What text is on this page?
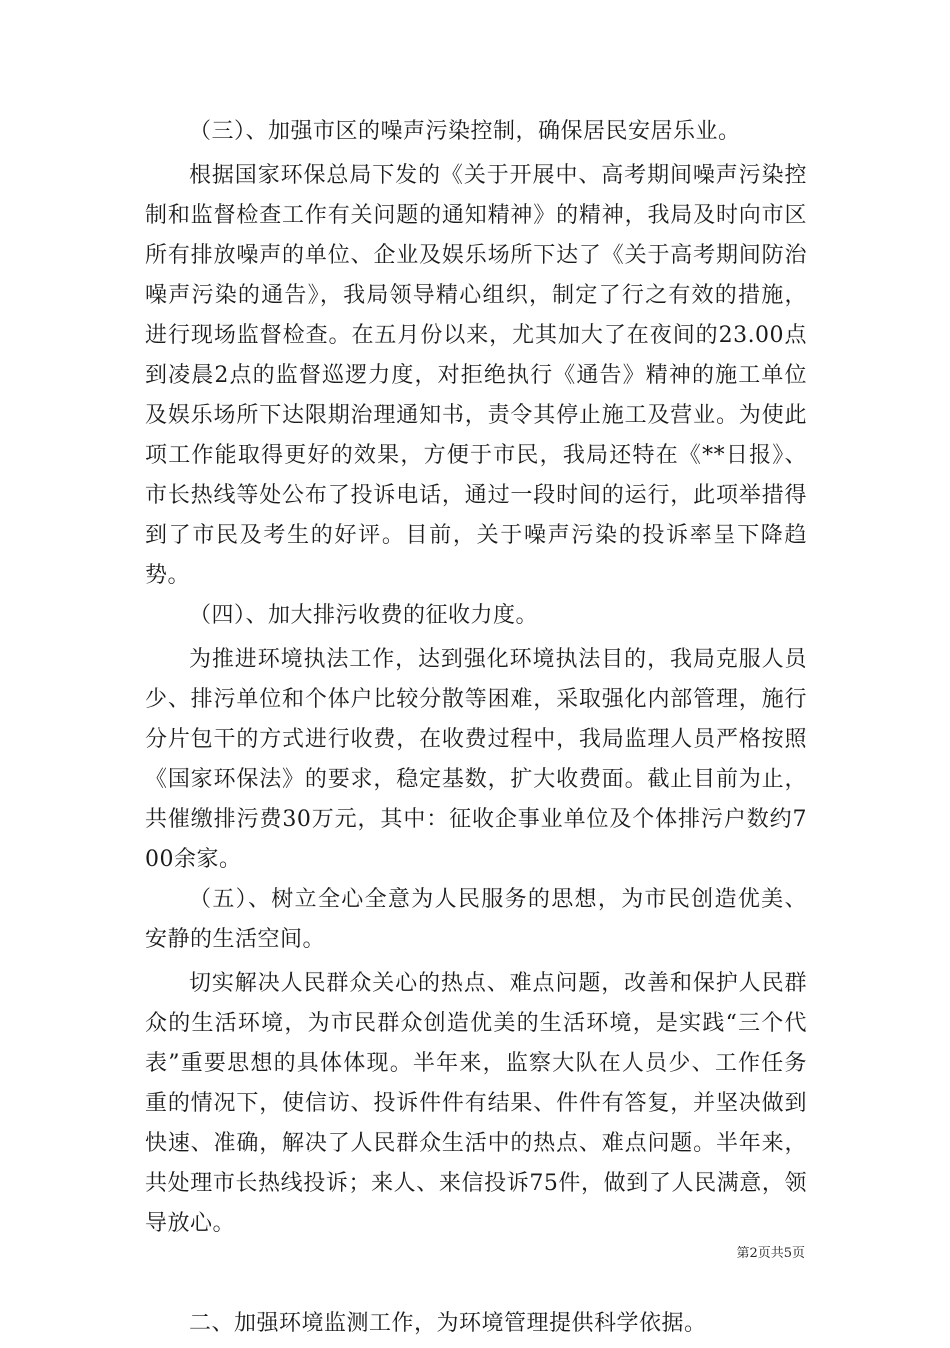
（三）、加强市区的噪声污染控制，确保居民安居乐业。

根据国家环保总局下发的《关于开展中、高考期间噪声污染控制和监督检查工作有关问题的通知精神》的精神，我局及时向市区所有排放噪声的单位、企业及娱乐场所下达了《关于高考期间防治噪声污染的通告》，我局领导精心组织，制定了行之有效的措施，进行现场监督检查。在五月份以来，尤其加大了在夜间的23.00点到凌晨2点的监督巡逻力度，对拒绝执行《通告》精神的施工单位及娱乐场所下达限期治理通知书，责令其停止施工及营业。为使此项工作能取得更好的效果，方便于市民，我局还特在《**日报》、市长热线等处公布了投诉电话，通过一段时间的运行，此项举措得到了市民及考生的好评。目前，关于噪声污染的投诉率呈下降趋势。

（四）、加大排污收费的征收力度。

为推进环境执法工作，达到强化环境执法目的，我局克服人员少、排污单位和个体户比较分散等困难，采取强化内部管理，施行分片包干的方式进行收费，在收费过程中，我局监理人员严格按照《国家环保法》的要求，稳定基数，扩大收费面。截止目前为止，共催缴排污费30万元，其中：征收企事业单位及个体排污户数约700余家。

（五）、树立全心全意为人民服务的思想，为市民创造优美、安静的生活空间。

切实解决人民群众关心的热点、难点问题，改善和保护人民群众的生活环境，为市民群众创造优美的生活环境，是实践“三个代表”重要思想的具体体现。半年来，监察大队在人员少、工作任务重的情况下，使信访、投诉件件有结果、件件有答复，并坚决做到快速、准确，解决了人民群众生活中的热点、难点问题。半年来，共处理市长热线投诉；来人、来信投诉75件，做到了人民满意，领导放心。

二、加强环境监测工作，为环境管理提供科学依据。

第2页共5页
